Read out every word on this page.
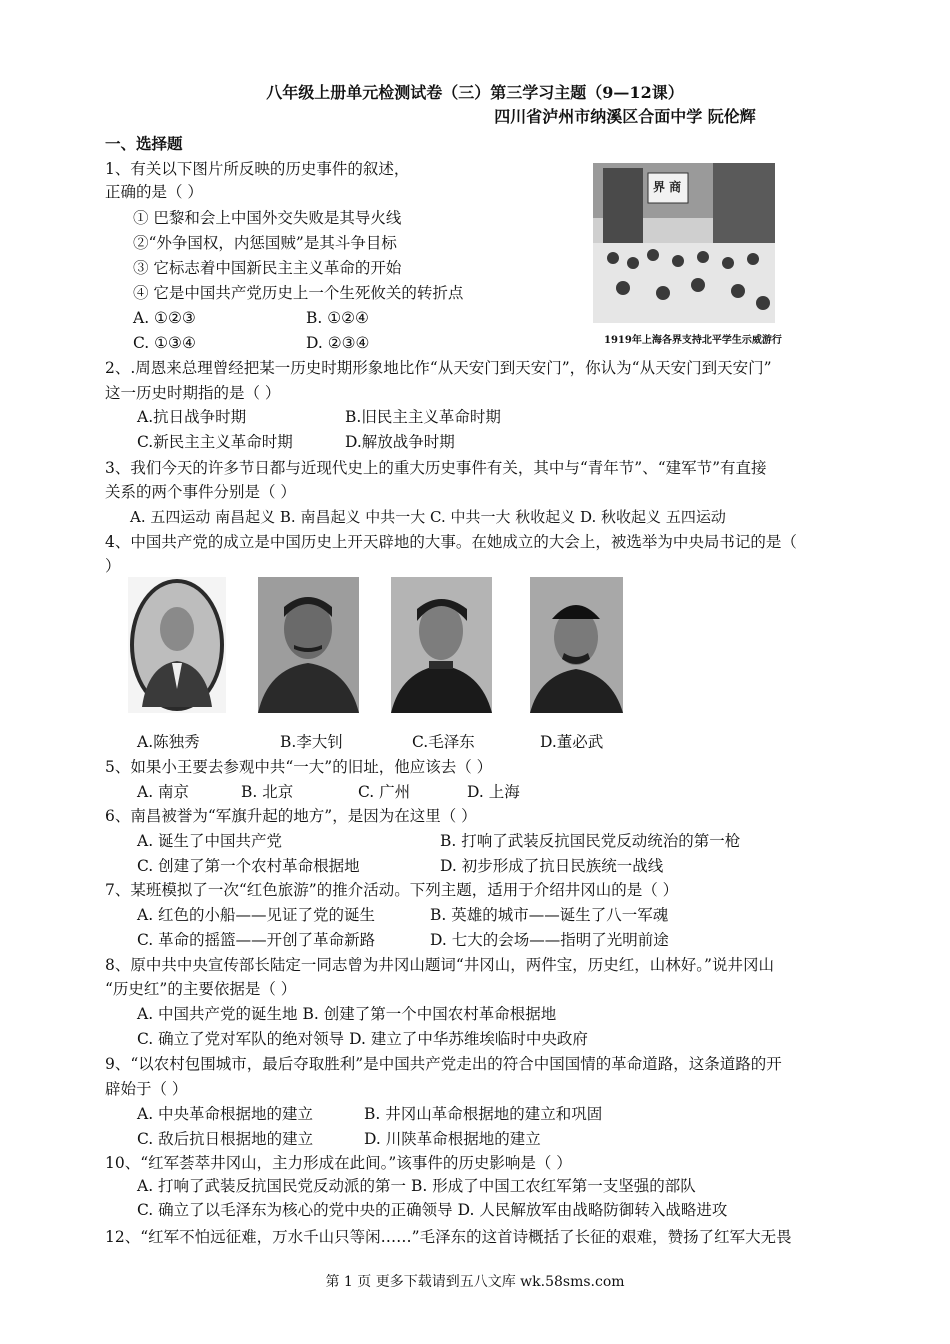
八年级上册单元检测试卷（三）第三学习主题（9—12课）
四川省泸州市纳溪区合面中学 阮伦辉
一、选择题
1、有关以下图片所反映的历史事件的叙述，
正确的是（ ）
① 巴黎和会上中国外交失败是其导火线
②“外争国权，内惩国贼”是其斗争目标
③ 它标志着中国新民主主义革命的开始
④ 它是中国共产党历史上一个生死攸关的转折点
A. ①②③	B. ①②④
C. ①③④	D. ②③④
界 商
1919年上海各界支持北平学生示威游行
2、.周恩来总理曾经把某一历史时期形象地比作“从天安门到天安门”，你认为“从天安门到天安门”
这一历史时期指的是（ ）
A.抗日战争时期	B.旧民主主义革命时期
C.新民主主义革命时期	D.解放战争时期
3、我们今天的许多节日都与近现代史上的重大历史事件有关，其中与“青年节”、“建军节”有直接
关系的两个事件分别是（ ）
A. 五四运动 南昌起义 B. 南昌起义 中共一大 C. 中共一大 秋收起义 D. 秋收起义 五四运动
4、中国共产党的成立是中国历史上开天辟地的大事。在她成立的大会上，被选举为中央局书记的是（
）
A.陈独秀	B.李大钊	C.毛泽东	D.董必武
5、如果小王要去参观中共“一大”的旧址，他应该去（ ）
A. 南京	B. 北京	C. 广州	D. 上海
6、南昌被誉为“军旗升起的地方”，是因为在这里（ ）
A. 诞生了中国共产党	B. 打响了武装反抗国民党反动统治的第一枪
C. 创建了第一个农村革命根据地	D. 初步形成了抗日民族统一战线
7、某班模拟了一次“红色旅游”的推介活动。下列主题，适用于介绍井冈山的是（ ）
A. 红色的小船——见证了党的诞生	B. 英雄的城市——诞生了八一军魂
C. 革命的摇篮——开创了革命新路	D. 七大的会场——指明了光明前途
8、原中共中央宣传部长陆定一同志曾为井冈山题词“井冈山，两件宝，历史红，山林好。”说井冈山
“历史红”的主要依据是（ ）
A. 中国共产党的诞生地 B. 创建了第一个中国农村革命根据地
C. 确立了党对军队的绝对领导 D. 建立了中华苏维埃临时中央政府
9、“以农村包围城市，最后夺取胜利”是中国共产党走出的符合中国国情的革命道路，这条道路的开
辟始于（ ）
A. 中央革命根据地的建立	B. 井冈山革命根据地的建立和巩固
C. 敌后抗日根据地的建立	D. 川陕革命根据地的建立
10、“红军荟萃井冈山，主力形成在此间。”该事件的历史影响是（ ）
A. 打响了武装反抗国民党反动派的第一 B. 形成了中国工农红军第一支坚强的部队
C. 确立了以毛泽东为核心的党中央的正确领导 D. 人民解放军由战略防御转入战略进攻
12、“红军不怕远征难，万水千山只等闲……”毛泽东的这首诗概括了长征的艰难，赞扬了红军大无畏
第 1 页 更多下载请到五八文库 wk.58sms.com
